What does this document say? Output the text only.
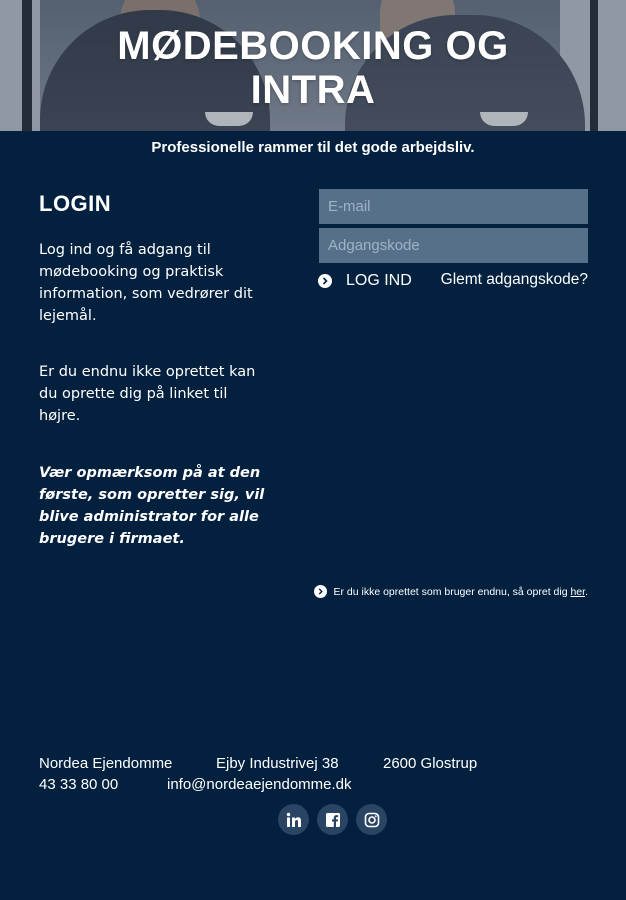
MØDEBOOKING OG
INTRA
Professionelle rammer til det gode arbejdsliv.
LOGIN
Log ind og få adgang til mødebooking og praktisk information, som vedrører dit lejemål.
Er du endnu ikke oprettet kan du oprette dig på linket til højre.
Vær opmærksom på at den første, som opretter sig, vil blive administrator for alle brugere i firmaet.
E-mail
LOG IND Glemt adgangskode?
Er du ikke oprettet som bruger endnu, så opret dig her.
Nordea Ejendomme	Ejby Industrivej 38	2600 Glostrup
43 33 80 00	info@nordeaejendomme.dk
